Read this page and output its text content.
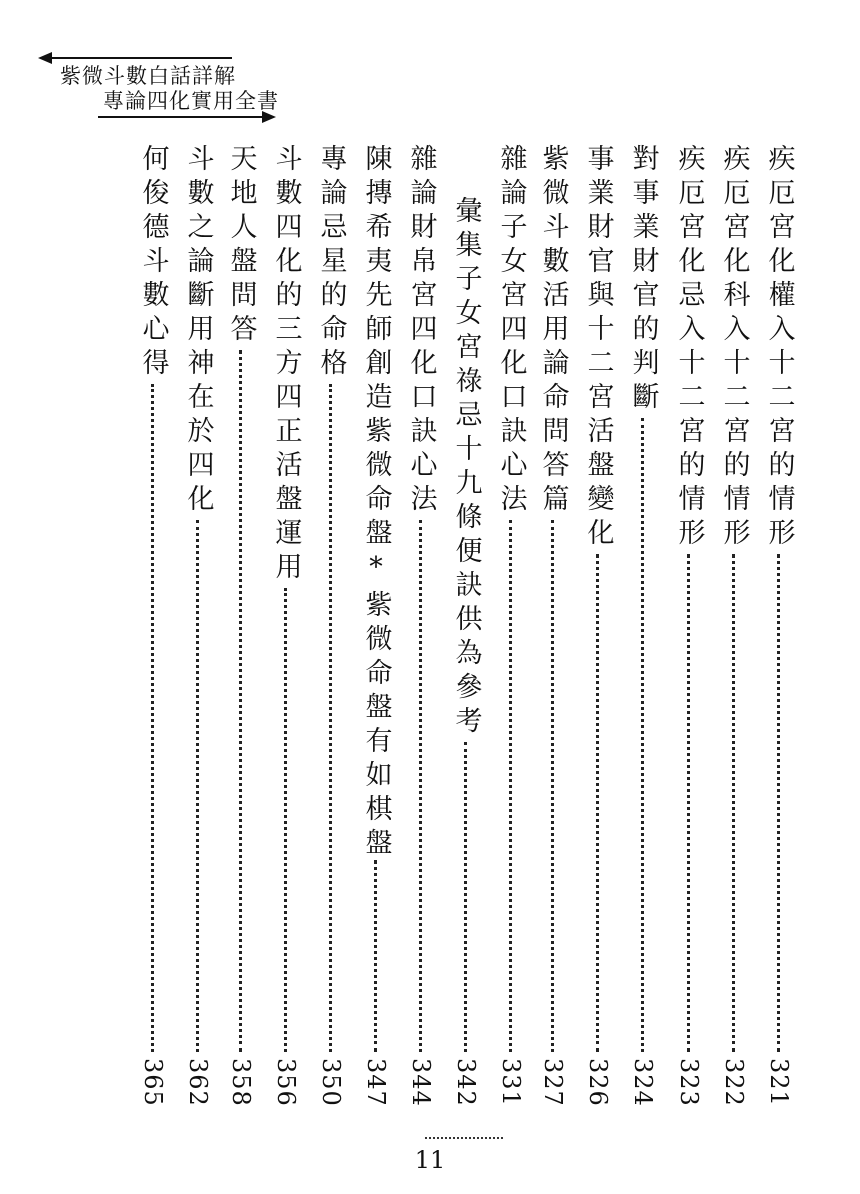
紫微斗數白話詳解
專論四化實用全書
疾厄宮化權入十二宮的情形
321
疾厄宮化科入十二宮的情形
322
疾厄宮化忌入十二宮的情形
323
對事業財官的判斷
324
事業財官與十二宮活盤變化
326
紫微斗數活用論命問答篇
327
雜論子女宮四化口訣心法
331
彙集子女宮祿忌十九條便訣供為參考
342
雜論財帛宮四化口訣心法
344
陳摶希夷先師創造紫微命盤*紫微命盤有如棋盤
347
專論忌星的命格
350
斗數四化的三方四正活盤運用
356
天地人盤問答
358
斗數之論斷用神在於四化
362
何俊德斗數心得
365
11
